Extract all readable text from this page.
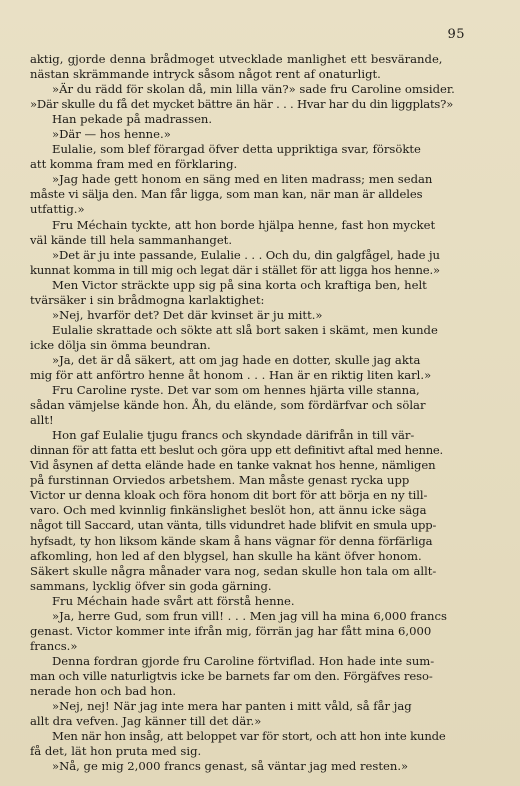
95
aktig, gjorde denna brådmoget utvecklade manlighet ett besvärande,
nästan skrämmande intryck såsom något rent af onaturligt.
»Är du rädd för skolan då, min lilla vän?» sade fru Caroline omsider.
»Där skulle du få det mycket bättre än här . . . Hvar har du din liggplats?»
Han pekade på madrassen.
»Där — hos henne.»
Eulalie, som blef förargad öfver detta uppriktiga svar, försökte
att komma fram med en förklaring.
»Jag hade gett honom en säng med en liten madrass; men sedan
måste vi sälja den. Man får ligga, som man kan, när man är alldeles
utfattig.»
Fru Méchain tyckte, att hon borde hjälpa henne, fast hon mycket
väl kände till hela sammanhanget.
»Det är ju inte passande, Eulalie . . . Och du, din galgfågel, hade ju
kunnat komma in till mig och legat där i stället för att ligga hos henne.»
Men Victor sträckte upp sig på sina korta och kraftiga ben, helt
tvärsäker i sin brådmogna karlaktighet:
»Nej, hvarför det? Det där kvinset är ju mitt.»
Eulalie skrattade och sökte att slå bort saken i skämt, men kunde
icke dölja sin ömma beundran.
»Ja, det är då säkert, att om jag hade en dotter, skulle jag akta
mig för att anförtro henne åt honom . . . Han är en riktig liten karl.»
Fru Caroline ryste. Det var som om hennes hjärta ville stanna,
sådan vämjelse kände hon. Åh, du elände, som fördärfvar och sölar
allt!
Hon gaf Eulalie tjugu francs och skyndade därifrån in till vär-
dinnan för att fatta ett beslut och göra upp ett definitivt aftal med henne.
Vid åsynen af detta elände hade en tanke vaknat hos henne, nämligen
på furstinnan Orviedos arbetshem. Man måste genast rycka upp
Victor ur denna kloak och föra honom dit bort för att börja en ny till-
varo. Och med kvinnlig finkänslighet beslöt hon, att ännu icke säga
något till Saccard, utan vänta, tills vidundret hade blifvit en smula upp-
hyfsadt, ty hon liksom kände skam å hans vägnar för denna förfärliga
afkomling, hon led af den blygsel, han skulle ha känt öfver honom.
Säkert skulle några månader vara nog, sedan skulle hon tala om allt-
sammans, lycklig öfver sin goda gärning.
Fru Méchain hade svårt att förstå henne.
»Ja, herre Gud, som frun vill! . . . Men jag vill ha mina 6,000 francs
genast. Victor kommer inte ifrån mig, förrän jag har fått mina 6,000
francs.»
Denna fordran gjorde fru Caroline förtviflad. Hon hade inte sum-
man och ville naturligtvis icke be barnets far om den. Förgäfves reso-
nerade hon och bad hon.
»Nej, nej! När jag inte mera har panten i mitt våld, så får jag
allt dra vefven. Jag känner till det där.»
Men när hon insåg, att beloppet var för stort, och att hon inte kunde
få det, lät hon pruta med sig.
»Nå, ge mig 2,000 francs genast, så väntar jag med resten.»
